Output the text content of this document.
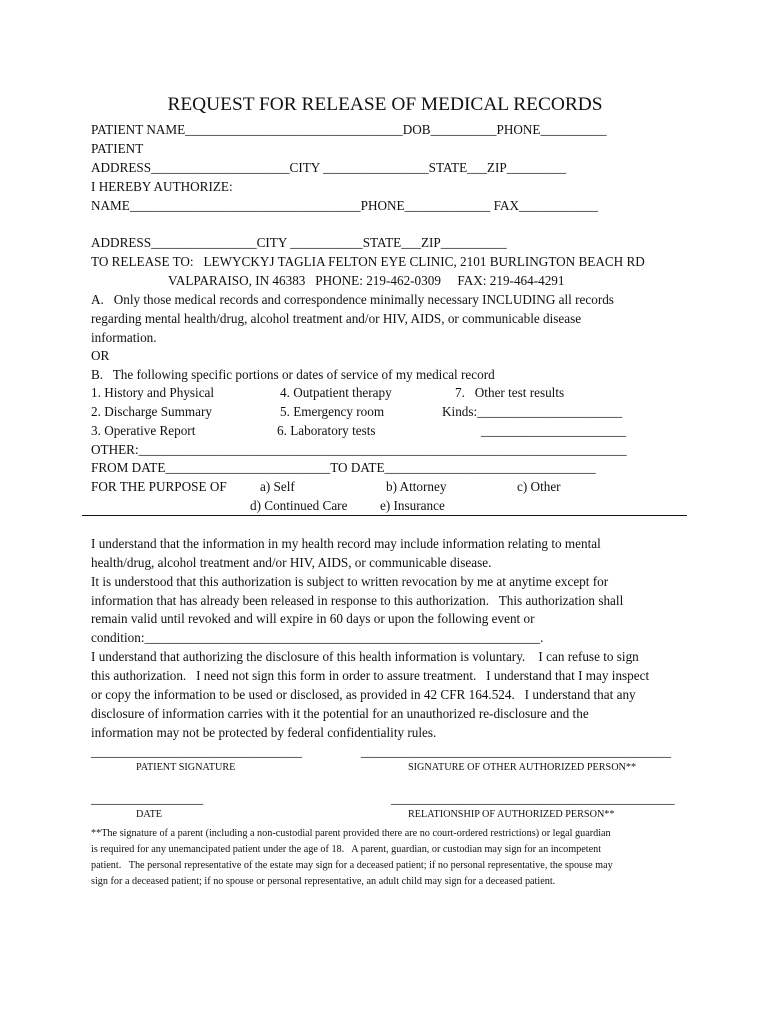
REQUEST FOR RELEASE OF MEDICAL RECORDS
PATIENT NAME_________________________________DOB__________PHONE__________
PATIENT
ADDRESS_____________________CITY ________________STATE___ZIP_________
I HEREBY AUTHORIZE:
NAME___________________________________PHONE_____________ FAX____________
ADDRESS________________CITY ___________STATE___ZIP__________
TO RELEASE TO:   LEWYCKYJ TAGLIA FELTON EYE CLINIC, 2101 BURLINGTON BEACH RD
VALPARAISO, IN 46383   PHONE: 219-462-0309     FAX: 219-464-4291
A.   Only those medical records and correspondence minimally necessary INCLUDING all records
regarding mental health/drug, alcohol treatment and/or HIV, AIDS, or communicable disease
information.
OR
B.   The following specific portions or dates of service of my medical record
1. History and Physical	4. Outpatient therapy	7.   Other test results
2. Discharge Summary	5. Emergency room	Kinds:______________________
3. Operative Report	6. Laboratory tests	______________________
OTHER:__________________________________________________________________________
FROM DATE_________________________TO DATE________________________________
FOR THE PURPOSE OF	a) Self	b) Attorney	c) Other
d) Continued Care e) Insurance
I understand that the information in my health record may include information relating to mental
health/drug, alcohol treatment and/or HIV, AIDS, or communicable disease.
It is understood that this authorization is subject to written revocation by me at anytime except for
information that has already been released in response to this authorization.   This authorization shall
remain valid until revoked and will expire in 60 days or upon the following event or
condition:____________________________________________________________.
I understand that authorizing the disclosure of this health information is voluntary.    I can refuse to sign
this authorization.   I need not sign this form in order to assure treatment.   I understand that I may inspect
or copy the information to be used or disclosed, as provided in 42 CFR 164.524.   I understand that any
disclosure of information carries with it the potential for an unauthorized re-disclosure and the
information may not be protected by federal confidentiality rules.
________________________________	_______________________________________________
PATIENT SIGNATURE	SIGNATURE OF OTHER AUTHORIZED PERSON**
_________________	___________________________________________
DATE	RELATIONSHIP OF AUTHORIZED PERSON**
**The signature of a parent (including a non-custodial parent provided there are no court-ordered restrictions) or legal guardian
is required for any unemancipated patient under the age of 18.   A parent, guardian, or custodian may sign for an incompetent
patient.   The personal representative of the estate may sign for a deceased patient; if no personal representative, the spouse may
sign for a deceased patient; if no spouse or personal representative, an adult child may sign for a deceased patient.
